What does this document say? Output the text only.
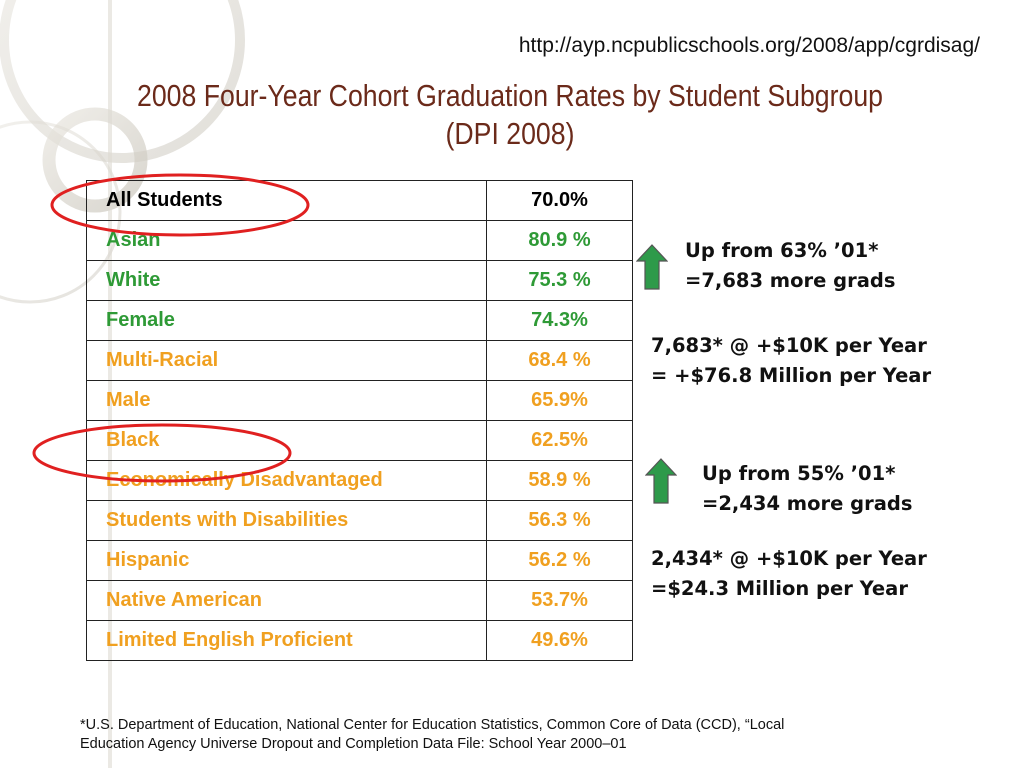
http://ayp.ncpublicschools.org/2008/app/cgrdisag/
2008 Four-Year Cohort Graduation Rates by Student Subgroup
(DPI 2008)
All Students	70.0%
Asian	80.9 %
White	75.3 %
Female	74.3%
Multi-Racial	68.4 %
Male	65.9%
Black	62.5%
Economically Disadvantaged	58.9 %
Students with Disabilities	56.3 %
Hispanic	56.2 %
Native American	53.7%
Limited English Proficient	49.6%
Up from 63% ’01*
=7,683 more grads
7,683* @ +$10K per Year
= +$76.8 Million per Year
Up from 55% ’01*
=2,434 more grads
2,434* @ +$10K per Year
=$24.3 Million per Year
*U.S. Department of Education, National Center for Education Statistics, Common Core of Data (CCD), “Local
Education Agency Universe Dropout and Completion Data File: School Year 2000–01
